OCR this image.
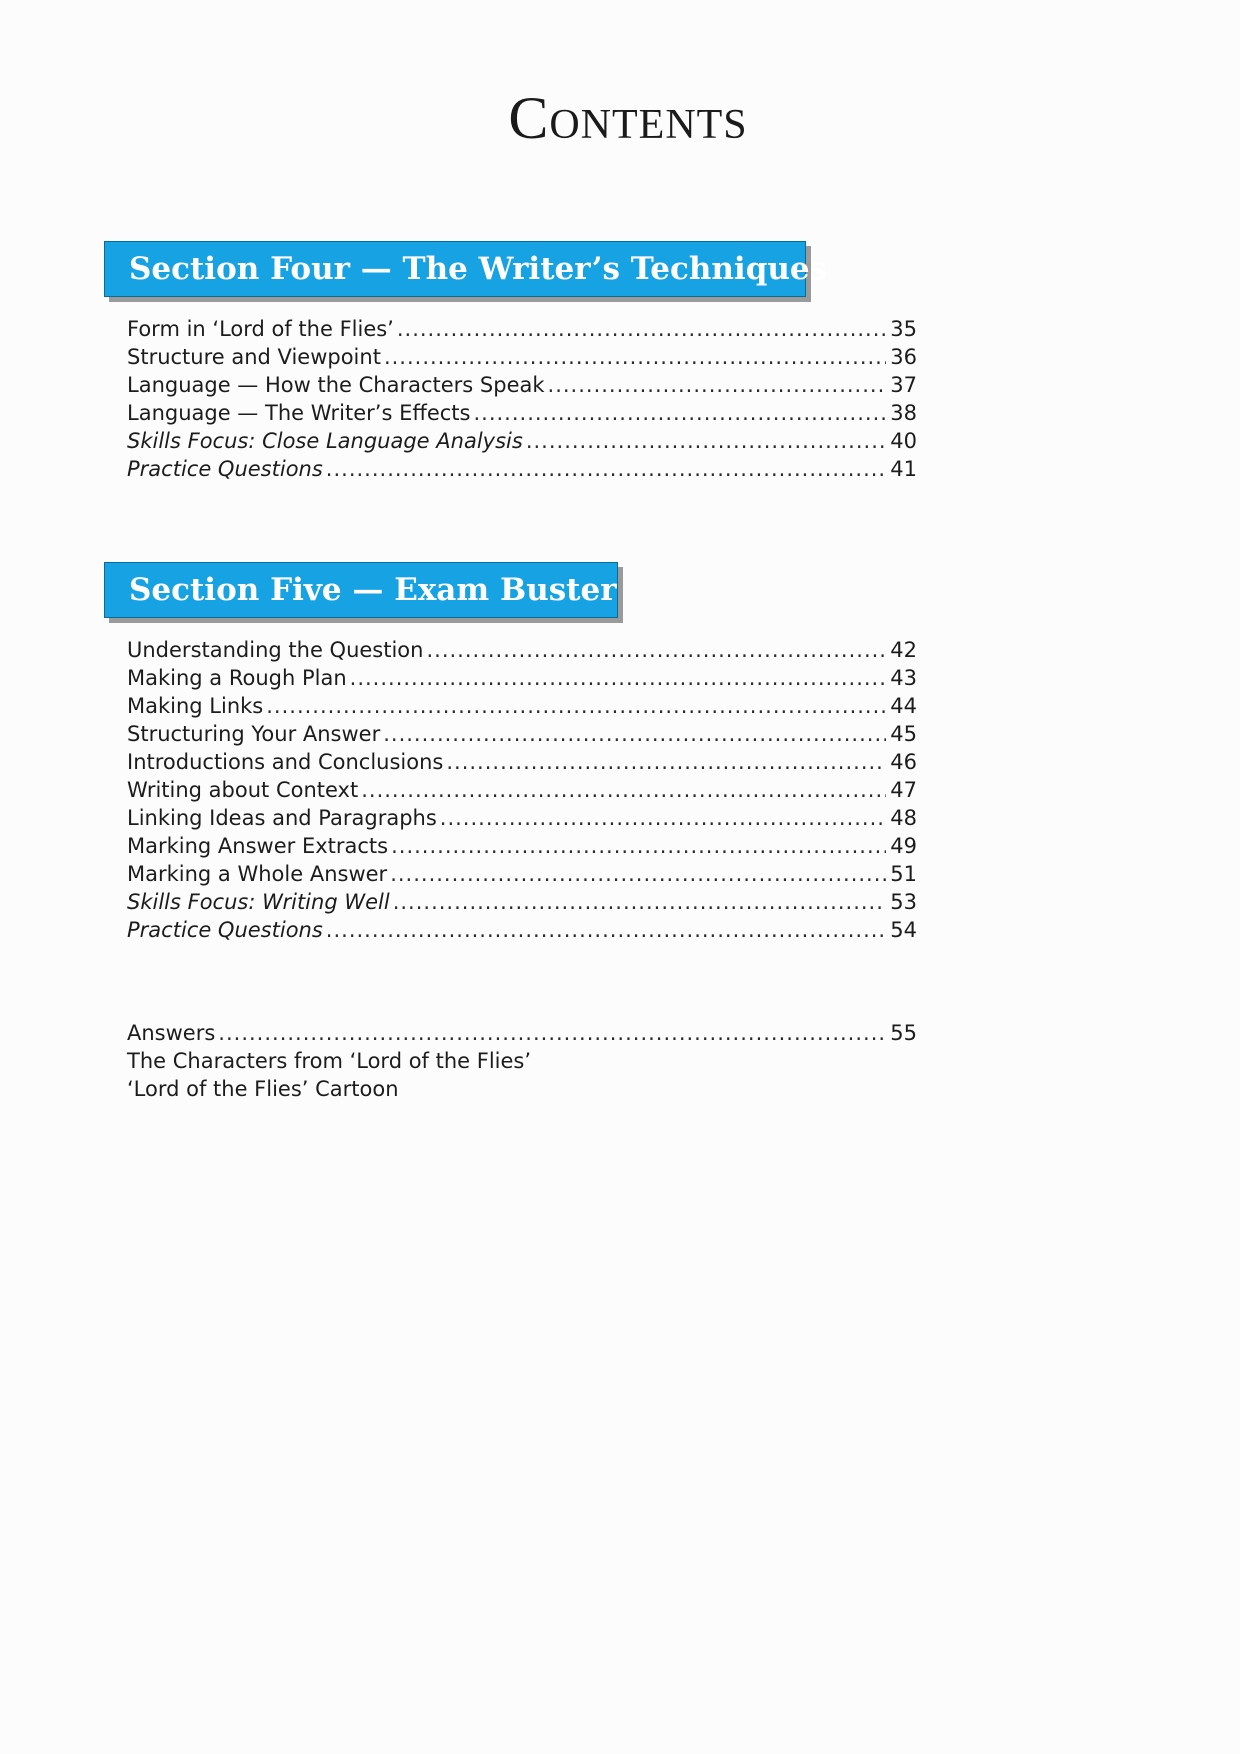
Contents
Section Four — The Writer’s Techniques
Form in ‘Lord of the Flies’ .....	35
Structure and Viewpoint .....	36
Language — How the Characters Speak .....	37
Language — The Writer’s Effects .....	38
Skills Focus: Close Language Analysis .....	40
Practice Questions .....	41
Section Five — Exam Buster
Understanding the Question .....	42
Making a Rough Plan .....	43
Making Links .....	44
Structuring Your Answer .....	45
Introductions and Conclusions .....	46
Writing about Context .....	47
Linking Ideas and Paragraphs .....	48
Marking Answer Extracts .....	49
Marking a Whole Answer .....	51
Skills Focus: Writing Well .....	53
Practice Questions .....	54
Answers .....	55
The Characters from ‘Lord of the Flies’
‘Lord of the Flies’ Cartoon
